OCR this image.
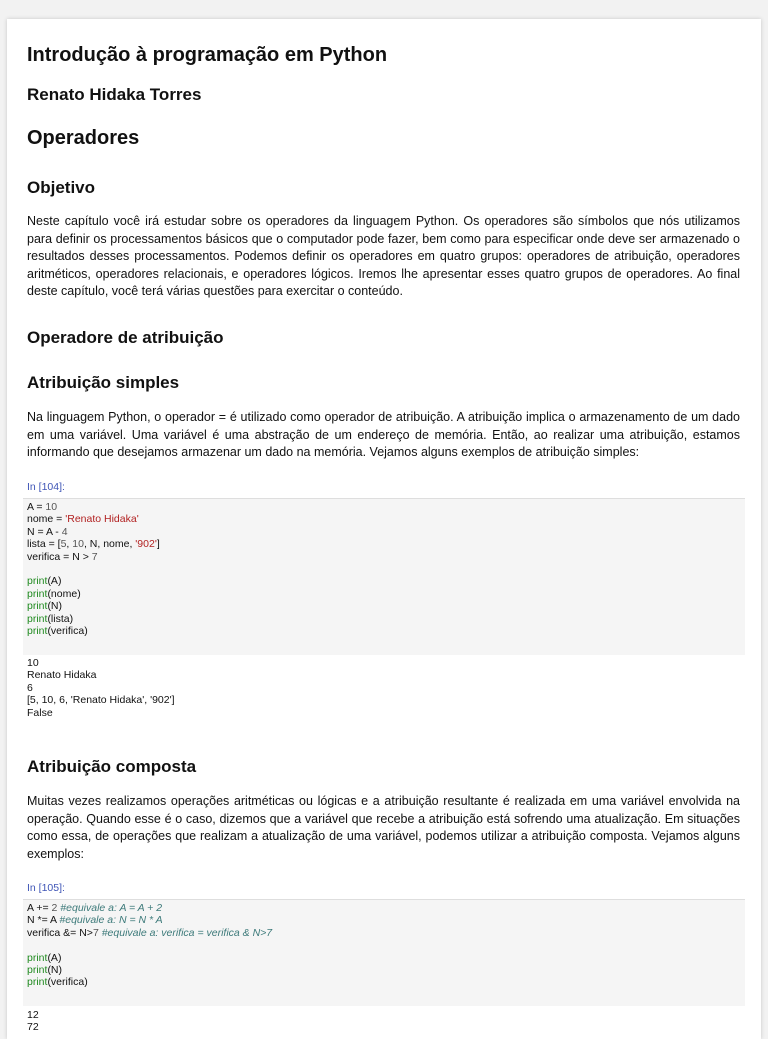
Introdução à programação em Python
Renato Hidaka Torres
Operadores
Objetivo

Neste capítulo você irá estudar sobre os operadores da linguagem Python. Os operadores são símbolos que nós utilizamos para definir os processamentos básicos que o computador pode fazer, bem como para especificar onde deve ser armazenado o resultados desses processamentos. Podemos definir os operadores em quatro grupos: operadores de atribuição, operadores aritméticos, operadores relacionais, e operadores lógicos. Iremos lhe apresentar esses quatro grupos de operadores. Ao final deste capítulo, você terá várias questões para exercitar o conteúdo.

Operadore de atribuição
Atribuição simples

Na linguagem Python, o operador = é utilizado como operador de atribuição. A atribuição implica o armazenamento de um dado em uma variável. Uma variável é uma abstração de um endereço de memória. Então, ao realizar uma atribuição, estamos informando que desejamos armazenar um dado na memória. Vejamos alguns exemplos de atribuição simples:

In [104]:
A = 10
nome = 'Renato Hidaka'
N = A - 4
lista = [5, 10, N, nome, '902']
verifica = N > 7
print(A)
print(nome)
print(N)
print(lista)
print(verifica)
10
Renato Hidaka
6
[5, 10, 6, 'Renato Hidaka', '902']
False
Atribuição composta

Muitas vezes realizamos operações aritméticas ou lógicas e a atribuição resultante é realizada em uma variável envolvida na operação. Quando esse é o caso, dizemos que a variável que recebe a atribuição está sofrendo uma atualização. Em situações como essa, de operações que realizam a atualização de uma variável, podemos utilizar a atribuição composta. Vejamos alguns exemplos:

In [105]:
A += 2 #equivale a: A = A + 2
N *= A #equivale a: N = N * A
verifica &= N>7 #equivale a: verifica = verifica & N>7
print(A)
print(N)
print(verifica)
12
72
